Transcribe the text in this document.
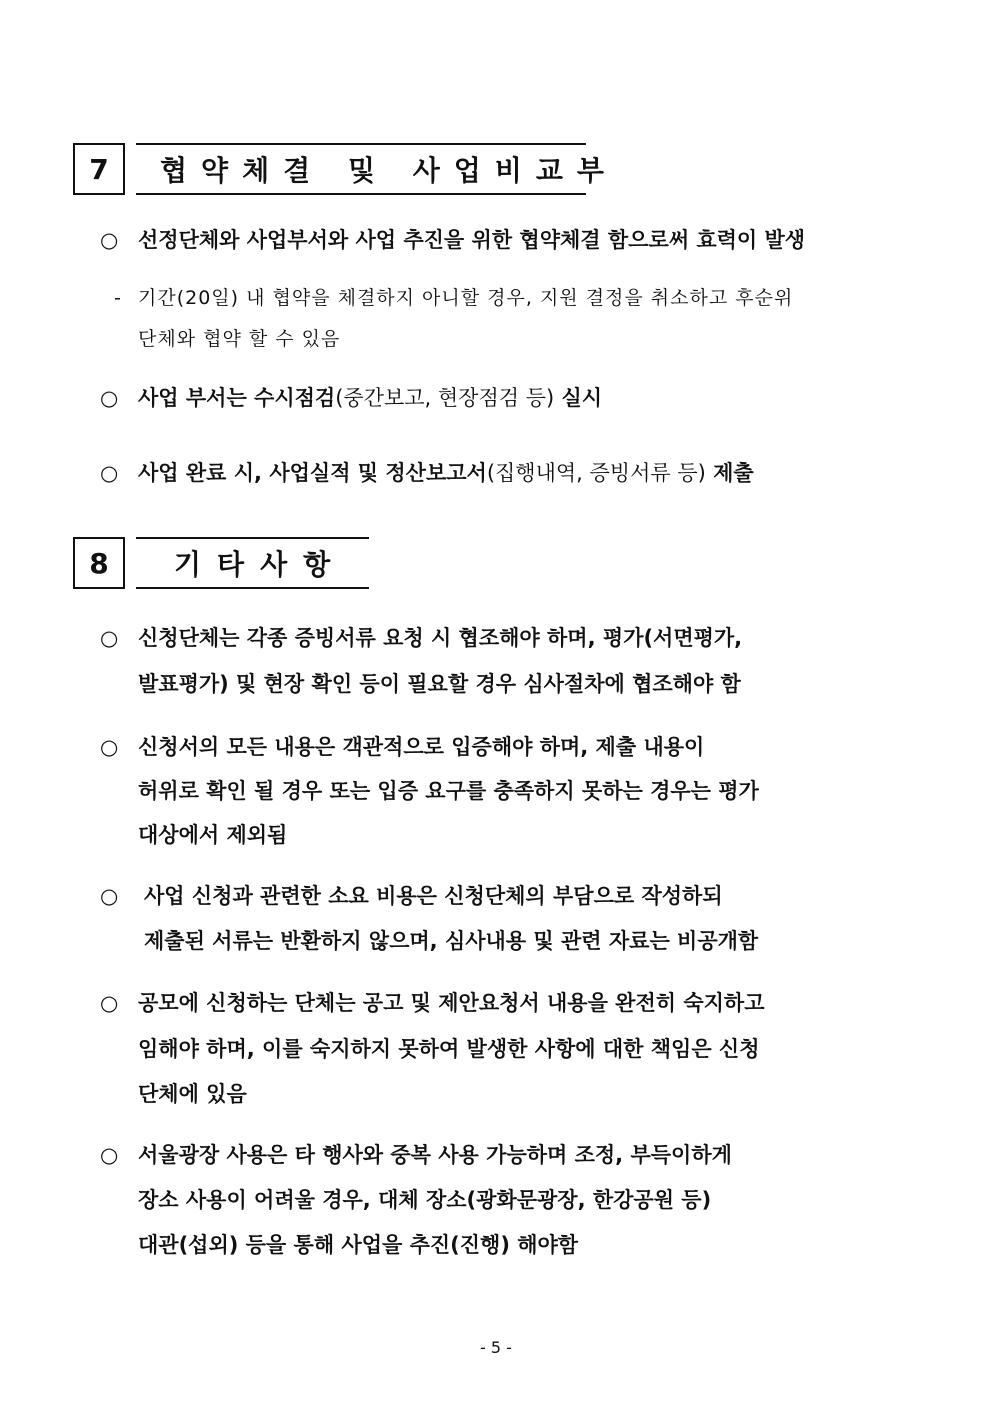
7 협약체결 및 사업비교부
○ 선정단체와 사업부서와 사업 추진을 위한 협약체결 함으로써 효력이 발생
- 기간(20일) 내 협약을 체결하지 아니할 경우, 지원 결정을 취소하고 후순위
단체와 협약 할 수 있음
○ 사업 부서는 수시점검(중간보고, 현장점검 등) 실시
○ 사업 완료 시, 사업실적 및 정산보고서(집행내역, 증빙서류 등) 제출
8 기타사항
○ 신청단체는 각종 증빙서류 요청 시 협조해야 하며, 평가(서면평가,
발표평가) 및 현장 확인 등이 필요할 경우 심사절차에 협조해야 함
○ 신청서의 모든 내용은 객관적으로 입증해야 하며, 제출 내용이
허위로 확인 될 경우 또는 입증 요구를 충족하지 못하는 경우는 평가
대상에서 제외됨
○ 사업 신청과 관련한 소요 비용은 신청단체의 부담으로 작성하되
제출된 서류는 반환하지 않으며, 심사내용 및 관련 자료는 비공개함
○ 공모에 신청하는 단체는 공고 및 제안요청서 내용을 완전히 숙지하고
임해야 하며, 이를 숙지하지 못하여 발생한 사항에 대한 책임은 신청
단체에 있음
○ 서울광장 사용은 타 행사와 중복 사용 가능하며 조정, 부득이하게
장소 사용이 어려울 경우, 대체 장소(광화문광장, 한강공원 등)
대관(섭외) 등을 통해 사업을 추진(진행) 해야함
- 5 -
